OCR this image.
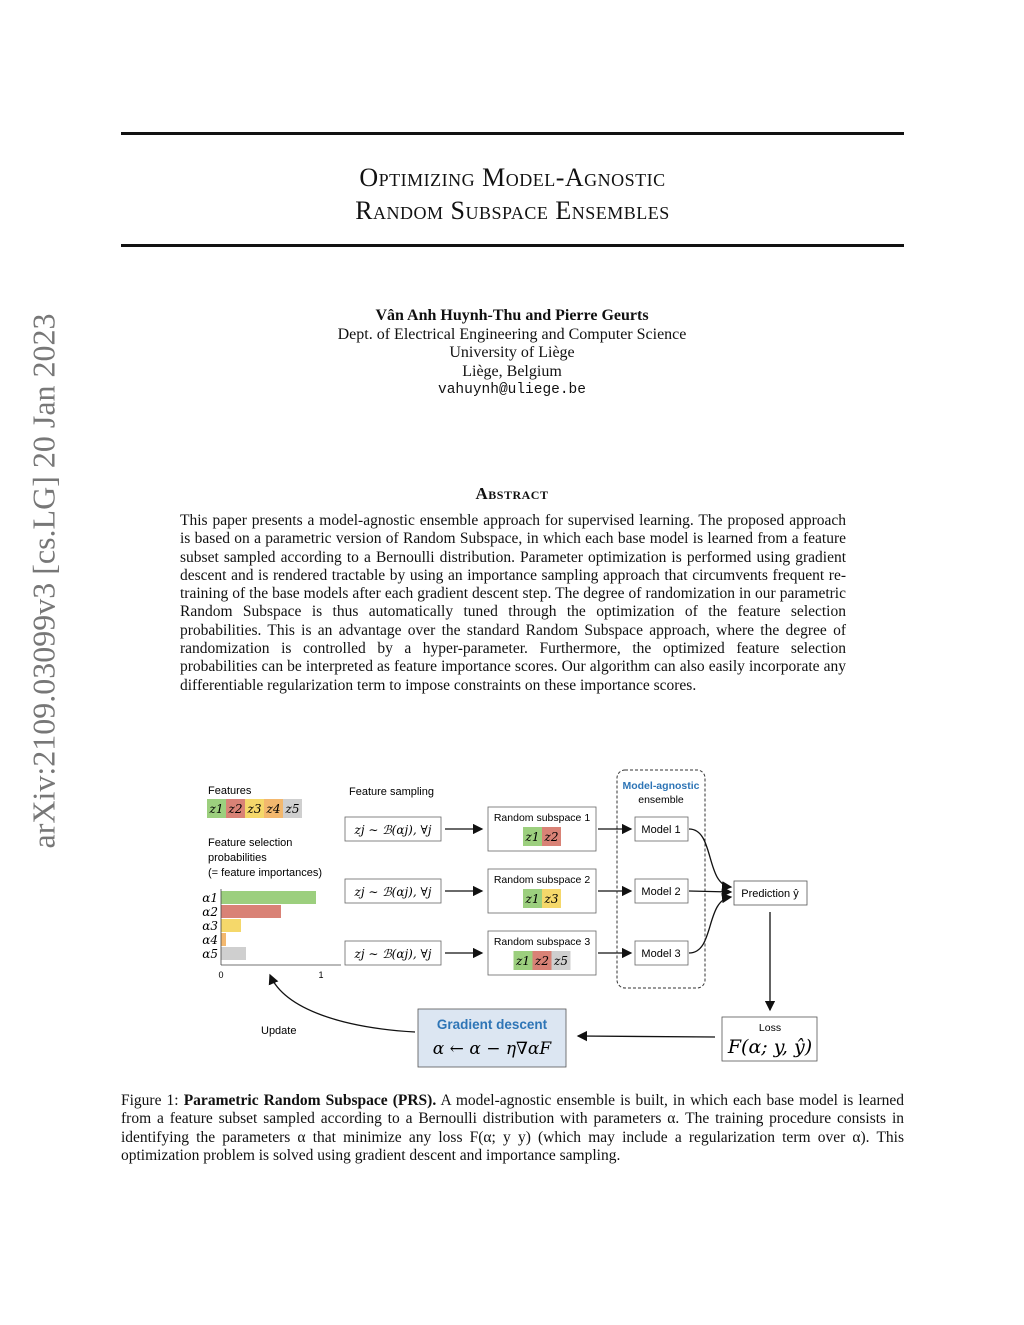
arXiv:2109.03099v3 [cs.LG] 20 Jan 2023
Optimizing Model-Agnostic
Random Subspace Ensembles
Vân Anh Huynh-Thu and Pierre Geurts
Dept. of Electrical Engineering and Computer Science
University of Liège
Liège, Belgium
vahuynh@uliege.be
Abstract
This paper presents a model-agnostic ensemble approach for supervised learning. The proposed approach is based on a parametric version of Random Subspace, in which each base model is learned from a feature subset sampled according to a Bernoulli distribution. Parameter optimization is performed using gradient descent and is rendered tractable by using an importance sampling approach that circumvents frequent re-training of the base models after each gradient descent step. The degree of randomization in our parametric Random Subspace is thus automatically tuned through the optimization of the feature selection probabilities. This is an advantage over the standard Random Subspace approach, where the degree of randomization is controlled by a hyper-parameter. Furthermore, the optimized feature selection probabilities can be interpreted as feature importance scores. Our algorithm can also easily incorporate any differentiable regularization term to impose constraints on these importance scores.
Features
z1 z2 z3 z4 z5
Feature selection
probabilities
(= feature importances)
α1
α2
α3
α4
α5
0	1
Update
Feature sampling
zj ∼ ℬ(αj), ∀j
zj ∼ ℬ(αj), ∀j
zj ∼ ℬ(αj), ∀j
Random subspace 1
z1 z2
Random subspace 2
z1 z3
Random subspace 3
z1 z2 z5
Model-agnostic
ensemble
Model 1
Model 2
Model 3
Prediction ŷ
Loss
F(α; y, ŷ)
Gradient descent
α ← α − η∇αF
Figure 1: Parametric Random Subspace (PRS). A model-agnostic ensemble is built, in which each base model is learned from a feature subset sampled according to a Bernoulli distribution with parameters α. The training procedure consists in identifying the parameters α that minimize any loss F(α; y y) (which may include a regularization term over α). This optimization problem is solved using gradient descent and importance sampling.
